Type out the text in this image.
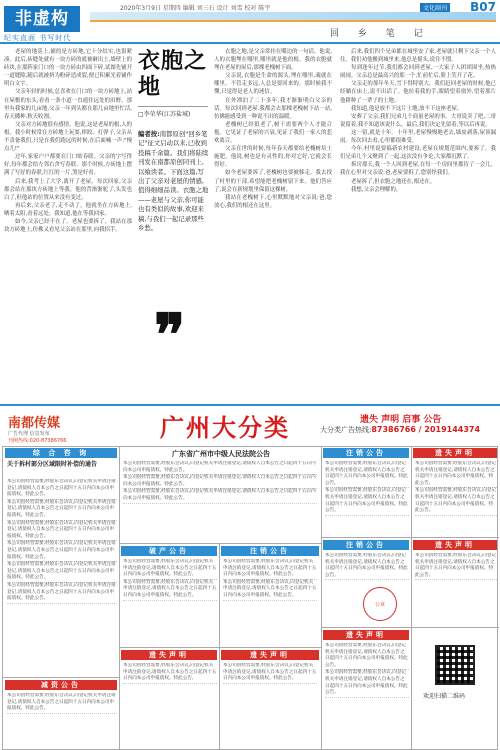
非虚构
纪实直面 书写时代
2020年3月9日 星期四 编辑 刘三石 设计 刘雪 校对 陈宇	文化副刊 B07
回 乡 笔 记

老屋的地基上,铺的是方砖地,它十分结实,也很紧凑。此后,砖缝处就有一块方砖的就被砸出土,墙壁上的砖块,在那阵家门口的一块方砖由四面下碎,试图先铺开一道缝隙,随后就被挤为粉碎造成裂,便已积累光着铺作明白文字。

父亲年轻的时候,总喜欢在门口的一块方砖地上,站在屋檐的东头,看看一条小道一直通往远处的田野。那里有我家的几亩地,父亲一年到头都在那几亩地里忙活,春天播种,秋天收割。

父亲对方砖地很有感情。他说,这是老屋的根,人的根。我小时候常在方砖地上玩耍,摔跤、打弹子,父亲从不责备我们,只是在我们跑远的时候,在后面喊一声:"慢点儿!"

过年,家家户户都要在门口贴春联。父亲的字写得好,每年都会给左邻右舍写春联。那个时候,方砖地上摆满了写好的春联,红红的一片,煞是好看。

后来,我考上了大学,离开了老屋。每次回家,父亲都会站在那块方砖地上等我。他的背渐渐驼了,头发也白了,但他站的位置从来没有变过。

再后来,父亲老了,走不动了。他就坐在方砖地上,晒着太阳,看着远处。我知道,他在等我回家。

如今,父亲已经不在了。老屋也要拆了。我站在那块方砖地上,仿佛又看见父亲站在那里,向我招手。

衣胞之地
□李荣华(江苏盐城)
编者按:南都原创"回乡笔记"征文启动以来,已收到投稿千余篇。我们将陆续刊发在南都原创同刊上,以飨读者。下面这篇,写出了父亲对老屋的情感,值得细细品读。衣胞之地——老屋与父亲,你可能也有类似的故事,欢迎来稿,与我们一起记录那些乡愁。
❞

衣胞之地,是父亲常挂在嘴边的一句话。他说,人的衣胞埋在哪里,哪里就是他的根。我的衣胞就埋在老屋的屋后,那棵老槐树下面。

父亲说,衣胞是生命的源头,埋在哪里,魂就在哪里。不管走多远,人总是要回来的。那时候我不懂,只觉得是老人的迷信。

在外漂泊了二十多年,我才渐渐明白父亲的话。每次回到老屋,我都会去那棵老槐树下站一站,仿佛能感受到一种说不出的温暖。

老槐树已经很老了,树干需要两个人才能合抱。它见证了老屋的兴衰,见证了我们一家人的悲欢离合。

父亲在世的时候,每年春天都要给老槐树培土施肥。他说,树也是有灵性的,你对它好,它就会长得好。

如今老屋要拆了,老槐树也要被移走。我去找了村里的干部,希望能把老槐树留下来。他们答应了,说会在新规划里保留这棵树。

我站在老槐树下,心里默默地对父亲说:爸,您放心,我们的根还在这里。

后来,我们四个兄弟都在城里安了家,老屋就只剩下父亲一个人住。我们劝他搬到城里来,他总是摇头,说住不惯。

每到逢年过节,我们都会回到老屋,一大家子人团团围坐,热热闹闹。父亲总是最高兴的那一个,忙前忙后,脸上笑开了花。

父亲走的那年冬天,雪下得特别大。我们赶回老屋的时候,他已经躺在床上,说不出话了。他拉着我的手,眼睛望着窗外,望着那片他耕种了一辈子的土地。

我知道,他是放不下这片土地,放不下这座老屋。

安葬了父亲,我们兄弟几个商量老屋的事。大哥说卖了吧,二哥说留着,我不知道该说什么。最后,我们决定先留着,等以后再说。

这一留,就是十年。十年里,老屋慢慢地老去,墙皮剥落,屋顶漏雨。每次回去看,心里都很难受。

今年,村里说要搞新农村建设,老屋在规划范围内,要拆了。我们兄弟几个又聚到了一起,这次没有争论,大家都沉默了。

拆房那天,我一个人回到老屋,在每一个房间里都待了一会儿。我在心里对父亲说:爸,老屋要拆了,您别怪我们。

老屋拆了,但衣胞之地还在,根还在。

我想,父亲会理解的。

南都传媒
广告代理 信息发布
刊例热线:020-87386766	广州大分类	遗失 声明 启事 公告
大分类广告热线:87386766 / 2019144374
综 合 咨 询
关于拆村部分区域限时补偿的通告
本公司因经营需要,经股东会决议,向登记机关申请注销登记,请债权人自本公告之日起四十五日内向本公司申报债权。特此公告。
本公司因经营需要,经股东会决议,向登记机关申请注销登记,请债权人自本公告之日起四十五日内向本公司申报债权。特此公告。
本公司因经营需要,经股东会决议,向登记机关申请注销登记,请债权人自本公告之日起四十五日内向本公司申报债权。特此公告。
本公司因经营需要,经股东会决议,向登记机关申请注销登记,请债权人自本公告之日起四十五日内向本公司申报债权。特此公告。
本公司因经营需要,经股东会决议,向登记机关申请注销登记,请债权人自本公告之日起四十五日内向本公司申报债权。特此公告。
本公司因经营需要,经股东会决议,向登记机关申请注销登记,请债权人自本公告之日起四十五日内向本公司申报债权。特此公告。
减资公告
本公司因经营需要,经股东会决议,向登记机关申请注销登记,请债权人自本公告之日起四十五日内向本公司申报债权。特此公告。
广东省广州市中级人民法院公告
本公司因经营需要,经股东会决议,向登记机关申请注销登记,请债权人自本公告之日起四十五日内向本公司申报债权。特此公告。
本公司因经营需要,经股东会决议,向登记机关申请注销登记,请债权人自本公告之日起四十五日内向本公司申报债权。特此公告。
本公司因经营需要,经股东会决议,向登记机关申请注销登记,请债权人自本公告之日起四十五日内向本公司申报债权。特此公告。
破产公告
本公司因经营需要,经股东会决议,向登记机关申请注销登记,请债权人自本公告之日起四十五日内向本公司申报债权。特此公告。
本公司因经营需要,经股东会决议,向登记机关申请注销登记,请债权人自本公告之日起四十五日内向本公司申报债权。特此公告。
注销公告
本公司因经营需要,经股东会决议,向登记机关申请注销登记,请债权人自本公告之日起四十五日内向本公司申报债权。特此公告。
本公司因经营需要,经股东会决议,向登记机关申请注销登记,请债权人自本公告之日起四十五日内向本公司申报债权。特此公告。
遗失声明
本公司因经营需要,经股东会决议,向登记机关申请注销登记,请债权人自本公告之日起四十五日内向本公司申报债权。特此公告。
遗失声明
本公司因经营需要,经股东会决议,向登记机关申请注销登记,请债权人自本公告之日起四十五日内向本公司申报债权。特此公告。
注销公告
本公司因经营需要,经股东会决议,向登记机关申请注销登记,请债权人自本公告之日起四十五日内向本公司申报债权。特此公告。
本公司因经营需要,经股东会决议,向登记机关申请注销登记,请债权人自本公告之日起四十五日内向本公司申报债权。特此公告。
遗失声明
本公司因经营需要,经股东会决议,向登记机关申请注销登记,请债权人自本公告之日起四十五日内向本公司申报债权。特此公告。
本公司因经营需要,经股东会决议,向登记机关申请注销登记,请债权人自本公告之日起四十五日内向本公司申报债权。特此公告。
注销公告
本公司因经营需要,经股东会决议,向登记机关申请注销登记,请债权人自本公告之日起四十五日内向本公司申报债权。特此公告。
公章
遗失声明
本公司因经营需要,经股东会决议,向登记机关申请注销登记,请债权人自本公告之日起四十五日内向本公司申报债权。特此公告。
遗失声明
本公司因经营需要,经股东会决议,向登记机关申请注销登记,请债权人自本公告之日起四十五日内向本公司申报债权。特此公告。
本公司因经营需要,经股东会决议,向登记机关申请注销登记,请债权人自本公告之日起四十五日内向本公司申报债权。特此公告。
欢迎扫描二维码
